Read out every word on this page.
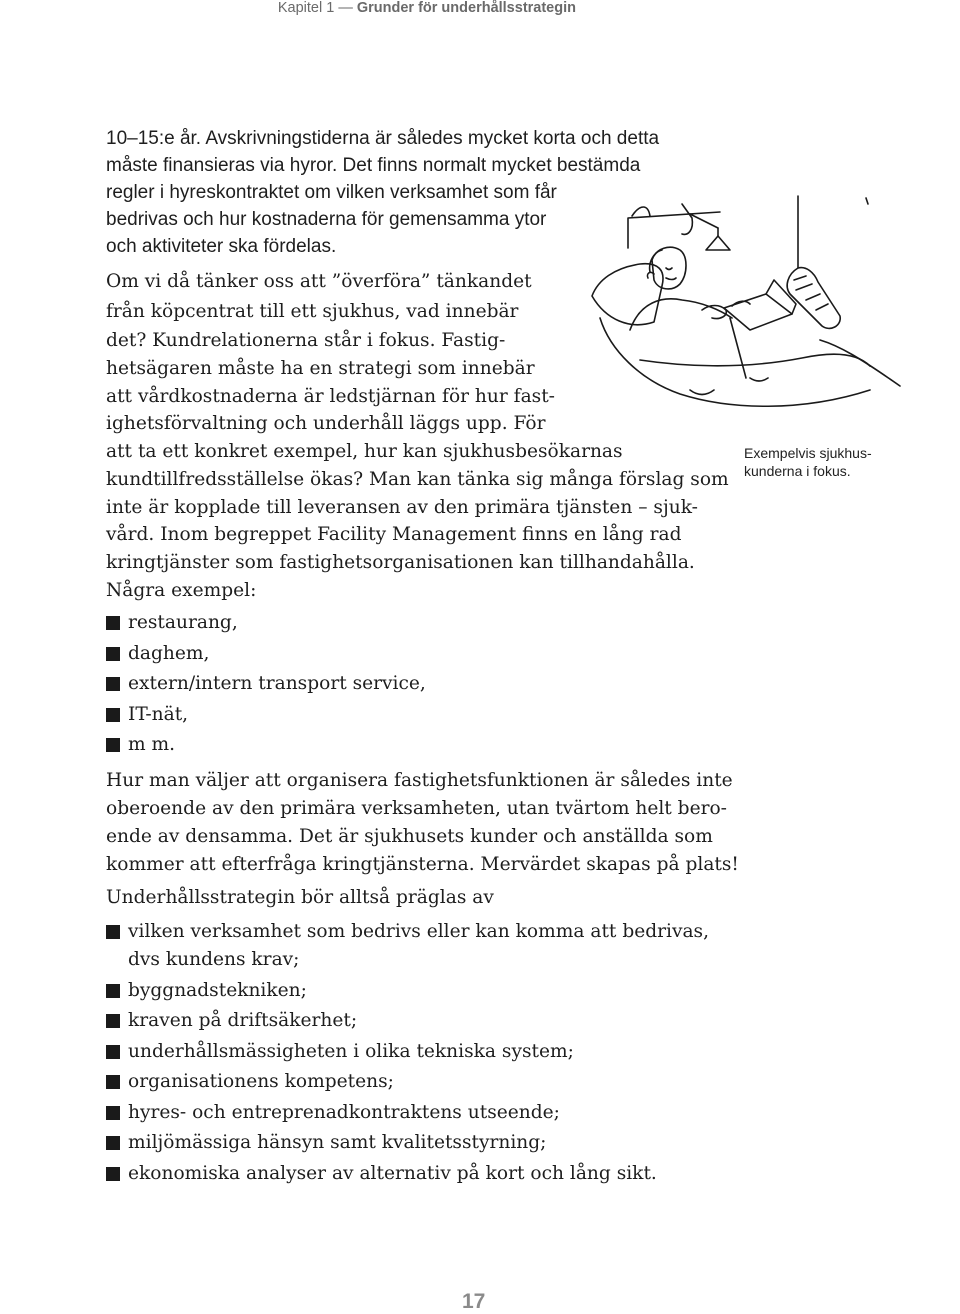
Kapitel 1 — Grunder för underhållsstrategin
10–15:e år. Avskrivningstiderna är således mycket korta och detta
måste finansieras via hyror. Det finns normalt mycket bestämda
regler i hyreskontraktet om vilken verksamhet som får
bedrivas och hur kostnaderna för gemensamma ytor
och aktiviteter ska fördelas.
Om vi då tänker oss att ”överföra” tänkandet
från köpcentrat till ett sjukhus, vad innebär
det? Kundrelationerna står i fokus. Fastig-
hetsägaren måste ha en strategi som innebär
att vårdkostnaderna är ledstjärnan för hur fast-
ighetsförvaltning och underhåll läggs upp. För
att ta ett konkret exempel, hur kan sjukhusbesökarnas
kundtillfredsställelse ökas? Man kan tänka sig många förslag som
inte är kopplade till leveransen av den primära tjänsten – sjuk-
vård. Inom begreppet Facility Management finns en lång rad
kringtjänster som fastighetsorganisationen kan tillhandahålla.
Några exempel:
restaurang,
daghem,
extern/intern transport service,
IT-nät,
m m.
Hur man väljer att organisera fastighetsfunktionen är således inte
oberoende av den primära verksamheten, utan tvärtom helt bero-
ende av densamma. Det är sjukhusets kunder och anställda som
kommer att efterfråga kringtjänsterna. Mervärdet skapas på plats!
Underhållsstrategin bör alltså präglas av
vilken verksamhet som bedrivs eller kan komma att bedrivas,
dvs kundens krav;
byggnadstekniken;
kraven på driftsäkerhet;
underhållsmässigheten i olika tekniska system;
organisationens kompetens;
hyres- och entreprenadkontraktens utseende;
miljömässiga hänsyn samt kvalitetsstyrning;
ekonomiska analyser av alternativ på kort och lång sikt.
Exempelvis sjukhus-
kunderna i fokus.
17
